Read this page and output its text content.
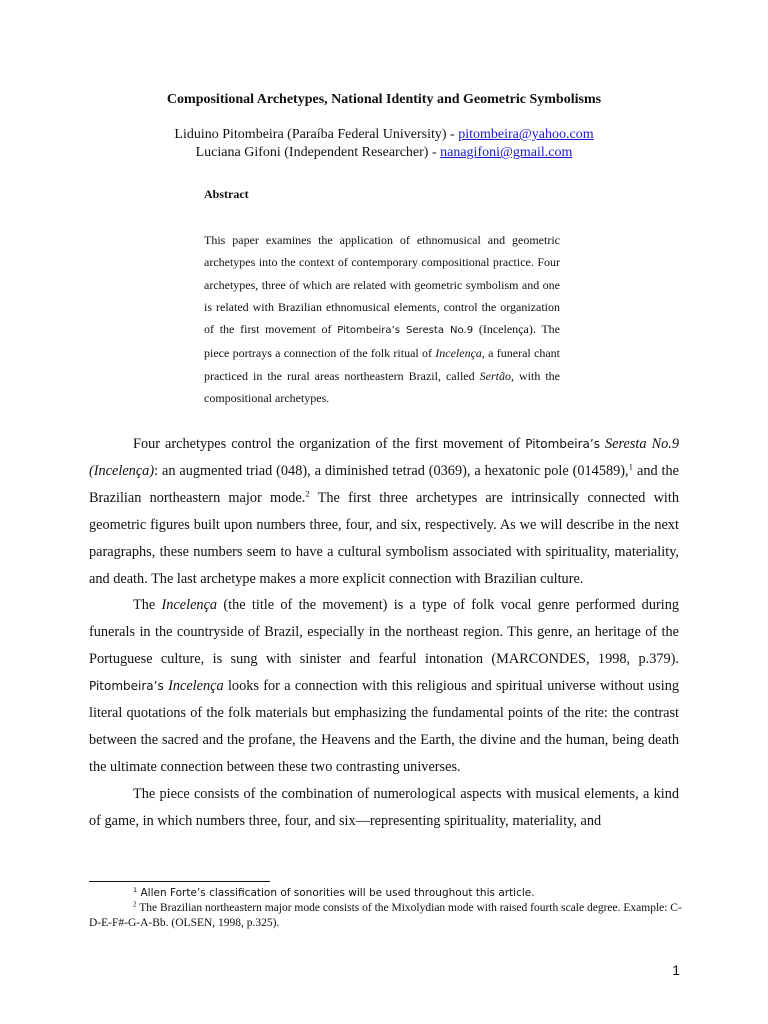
Compositional Archetypes, National Identity and Geometric Symbolisms
Liduino Pitombeira (Paraíba Federal University) - pitombeira@yahoo.com
Luciana Gifoni (Independent Researcher) - nanagifoni@gmail.com
Abstract
This paper examines the application of ethnomusical and geometric archetypes into the context of contemporary compositional practice. Four archetypes, three of which are related with geometric symbolism and one is related with Brazilian ethnomusical elements, control the organization of the first movement of Pitombeira’s Seresta No.9 (Incelença). The piece portrays a connection of the folk ritual of Incelença, a funeral chant practiced in the rural areas northeastern Brazil, called Sertão, with the compositional archetypes.

Four archetypes control the organization of the first movement of Pitombeira’s Seresta No.9 (Incelença): an augmented triad (048), a diminished tetrad (0369), a hexatonic pole (014589),$^1$ and the Brazilian northeastern major mode.$^2$ The first three archetypes are intrinsically connected with geometric figures built upon numbers three, four, and six, respectively. As we will describe in the next paragraphs, these numbers seem to have a cultural symbolism associated with spirituality, materiality, and death. The last archetype makes a more explicit connection with Brazilian culture.

The Incelença (the title of the movement) is a type of folk vocal genre performed during funerals in the countryside of Brazil, especially in the northeast region. This genre, an heritage of the Portuguese culture, is sung with sinister and fearful intonation (MARCONDES, 1998, p.379). Pitombeira’s Incelença looks for a connection with this religious and spiritual universe without using literal quotations of the folk materials but emphasizing the fundamental points of the rite: the contrast between the sacred and the profane, the Heavens and the Earth, the divine and the human, being death the ultimate connection between these two contrasting universes.

The piece consists of the combination of numerological aspects with musical elements, a kind of game, in which numbers three, four, and six—representing spirituality, materiality, and

$^1$ Allen Forte’s classification of sonorities will be used throughout this article.

$^2$ The Brazilian northeastern major mode consists of the Mixolydian mode with raised fourth scale degree. Example: C-D-E-F#-G-A-Bb. (OLSEN, 1998, p.325).

1
